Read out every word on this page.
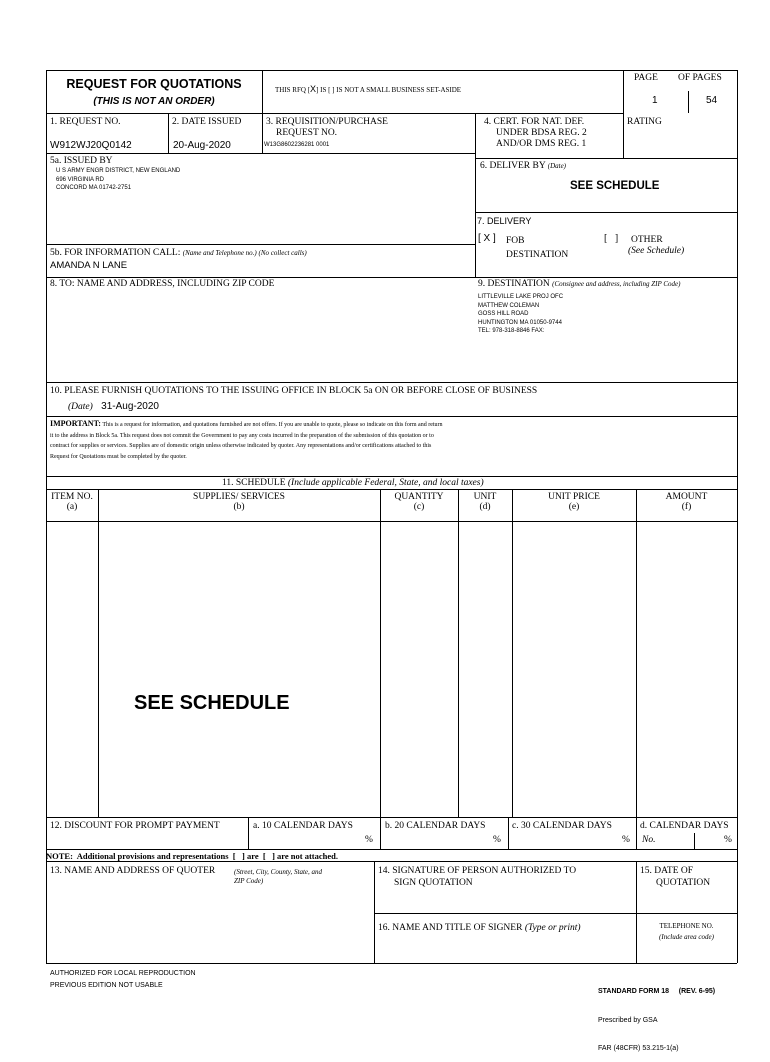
REQUEST FOR QUOTATIONS
(THIS IS NOT AN ORDER)
THIS RFQ [X] IS [ ] IS NOT A SMALL BUSINESS SET-ASIDE
PAGE OF PAGES
1	54
1. REQUEST NO.
W912WJ20Q0142
2. DATE ISSUED
20-Aug-2020
3. REQUISITION/PURCHASE
REQUEST NO.
W13G8602236281 0001
4. CERT. FOR NAT. DEF.
UNDER BDSA REG. 2
AND/OR DMS REG. 1
RATING
5a. ISSUED BY
U S ARMY ENGR DISTRICT, NEW ENGLAND
696 VIRGINIA RD
CONCORD MA 01742-2751
6. DELIVER BY (Date)
SEE SCHEDULE
7. DELIVERY
[ X ] FOB
DESTINATION
[   ] OTHER
(See Schedule)
5b. FOR INFORMATION CALL: (Name and Telephone no.) (No collect calls)
AMANDA N LANE
8. TO: NAME AND ADDRESS, INCLUDING ZIP CODE	9. DESTINATION (Consignee and address, including ZIP Code)
LITTLEVILLE LAKE PROJ OFC
MATTHEW COLEMAN
GOSS HILL ROAD
HUNTINGTON MA 01050-9744
TEL: 978-318-8846 FAX:
10. PLEASE FURNISH QUOTATIONS TO THE ISSUING OFFICE IN BLOCK 5a ON OR BEFORE CLOSE OF BUSINESS
(Date) 31-Aug-2020
IMPORTANT: This is a request for information, and quotations furnished are not offers. If you are unable to quote, please so indicate on this form and return
it to the address in Block 5a. This request does not commit the Government to pay any costs incurred in the preparation of the submission of this quotation or to
contract for supplies or services. Supplies are of domestic origin unless otherwise indicated by quoter. Any representations and/or certifications attached to this
Request for Quotations must be completed by the quoter.
11. SCHEDULE (Include applicable Federal, State, and local taxes)
ITEM NO.
(a)
SUPPLIES/ SERVICES
(b)
QUANTITY
(c)
UNIT
(d)
UNIT PRICE
(e)
AMOUNT
(f)
SEE SCHEDULE
12. DISCOUNT FOR PROMPT PAYMENT	a. 10 CALENDAR DAYS
%
b. 20 CALENDAR DAYS
%
c. 30 CALENDAR DAYS
%
d. CALENDAR DAYS
No.	%
NOTE:  Additional provisions and representations  [   ] are  [   ] are not attached.
13. NAME AND ADDRESS OF QUOTER	(Street, City, County, State, and
ZIP Code)
14. SIGNATURE OF PERSON AUTHORIZED TO
SIGN QUOTATION
15. DATE OF
QUOTATION
16. NAME AND TITLE OF SIGNER (Type or print)	TELEPHONE NO.
(Include area code)
AUTHORIZED FOR LOCAL REPRODUCTION
PREVIOUS EDITION NOT USABLE

STANDARD FORM 18     (REV. 6-95)

Prescribed by GSA

FAR (48CFR) 53.215-1(a)
